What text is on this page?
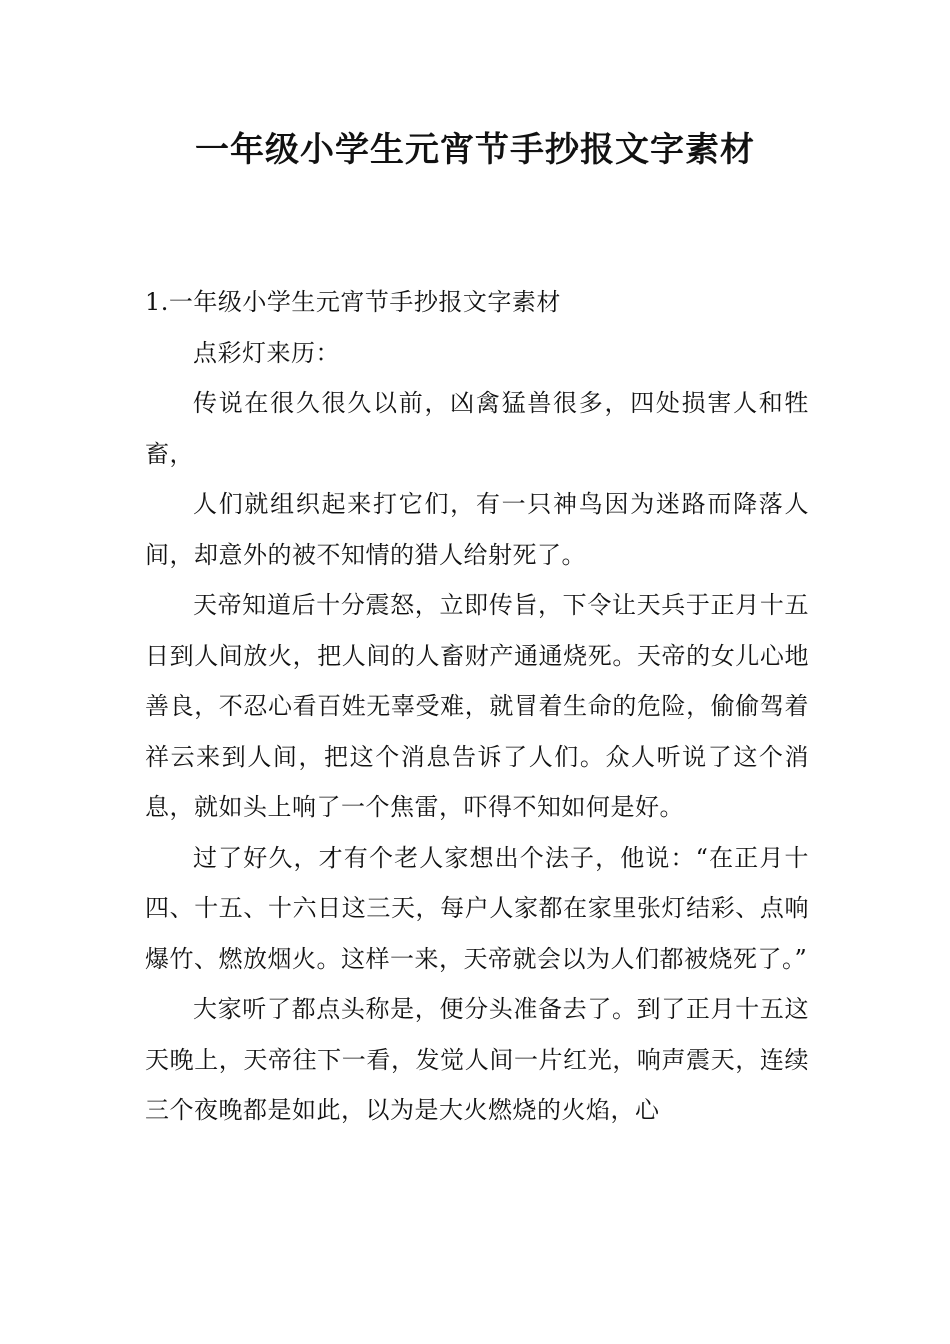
一年级小学生元宵节手抄报文字素材

1.一年级小学生元宵节手抄报文字素材

点彩灯来历：

传说在很久很久以前，凶禽猛兽很多，四处损害人和牲畜，

人们就组织起来打它们，有一只神鸟因为迷路而降落人间，却意外的被不知情的猎人给射死了。

天帝知道后十分震怒，立即传旨，下令让天兵于正月十五日到人间放火，把人间的人畜财产通通烧死。天帝的女儿心地善良，不忍心看百姓无辜受难，就冒着生命的危险，偷偷驾着祥云来到人间，把这个消息告诉了人们。众人听说了这个消息，就如头上响了一个焦雷，吓得不知如何是好。

过了好久，才有个老人家想出个法子，他说：“在正月十四、十五、十六日这三天，每户人家都在家里张灯结彩、点响爆竹、燃放烟火。这样一来，天帝就会以为人们都被烧死了。”

大家听了都点头称是，便分头准备去了。到了正月十五这天晚上，天帝往下一看，发觉人间一片红光，响声震天，连续三个夜晚都是如此，以为是大火燃烧的火焰，心
